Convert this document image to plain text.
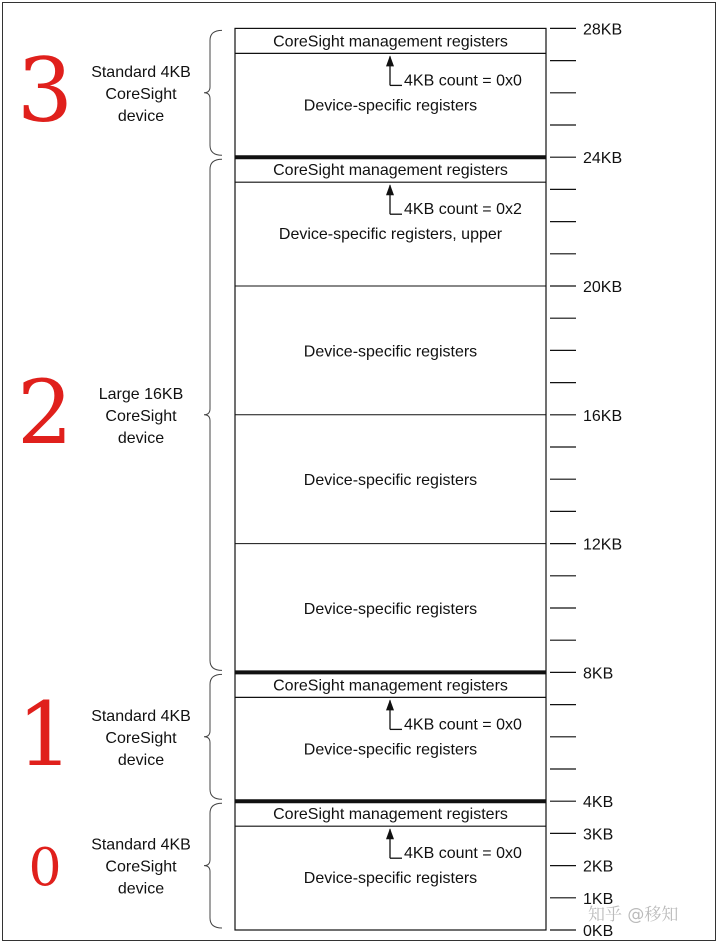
0KB
1KB
2KB
3KB
4KB
8KB
12KB
16KB
20KB
24KB
28KB
Device-specific registers
CoreSight management registers
4KB count = 0x0
Standard 4KB
CoreSight
device
3
Device-specific registers, upper
Device-specific registers
Device-specific registers
Device-specific registers
CoreSight management registers
4KB count = 0x2
Large 16KB
CoreSight
device
2
Device-specific registers
CoreSight management registers
4KB count = 0x0
Standard 4KB
CoreSight
device
1
Device-specific registers
CoreSight management registers
4KB count = 0x0
Standard 4KB
CoreSight
device
0
知乎 @移知
